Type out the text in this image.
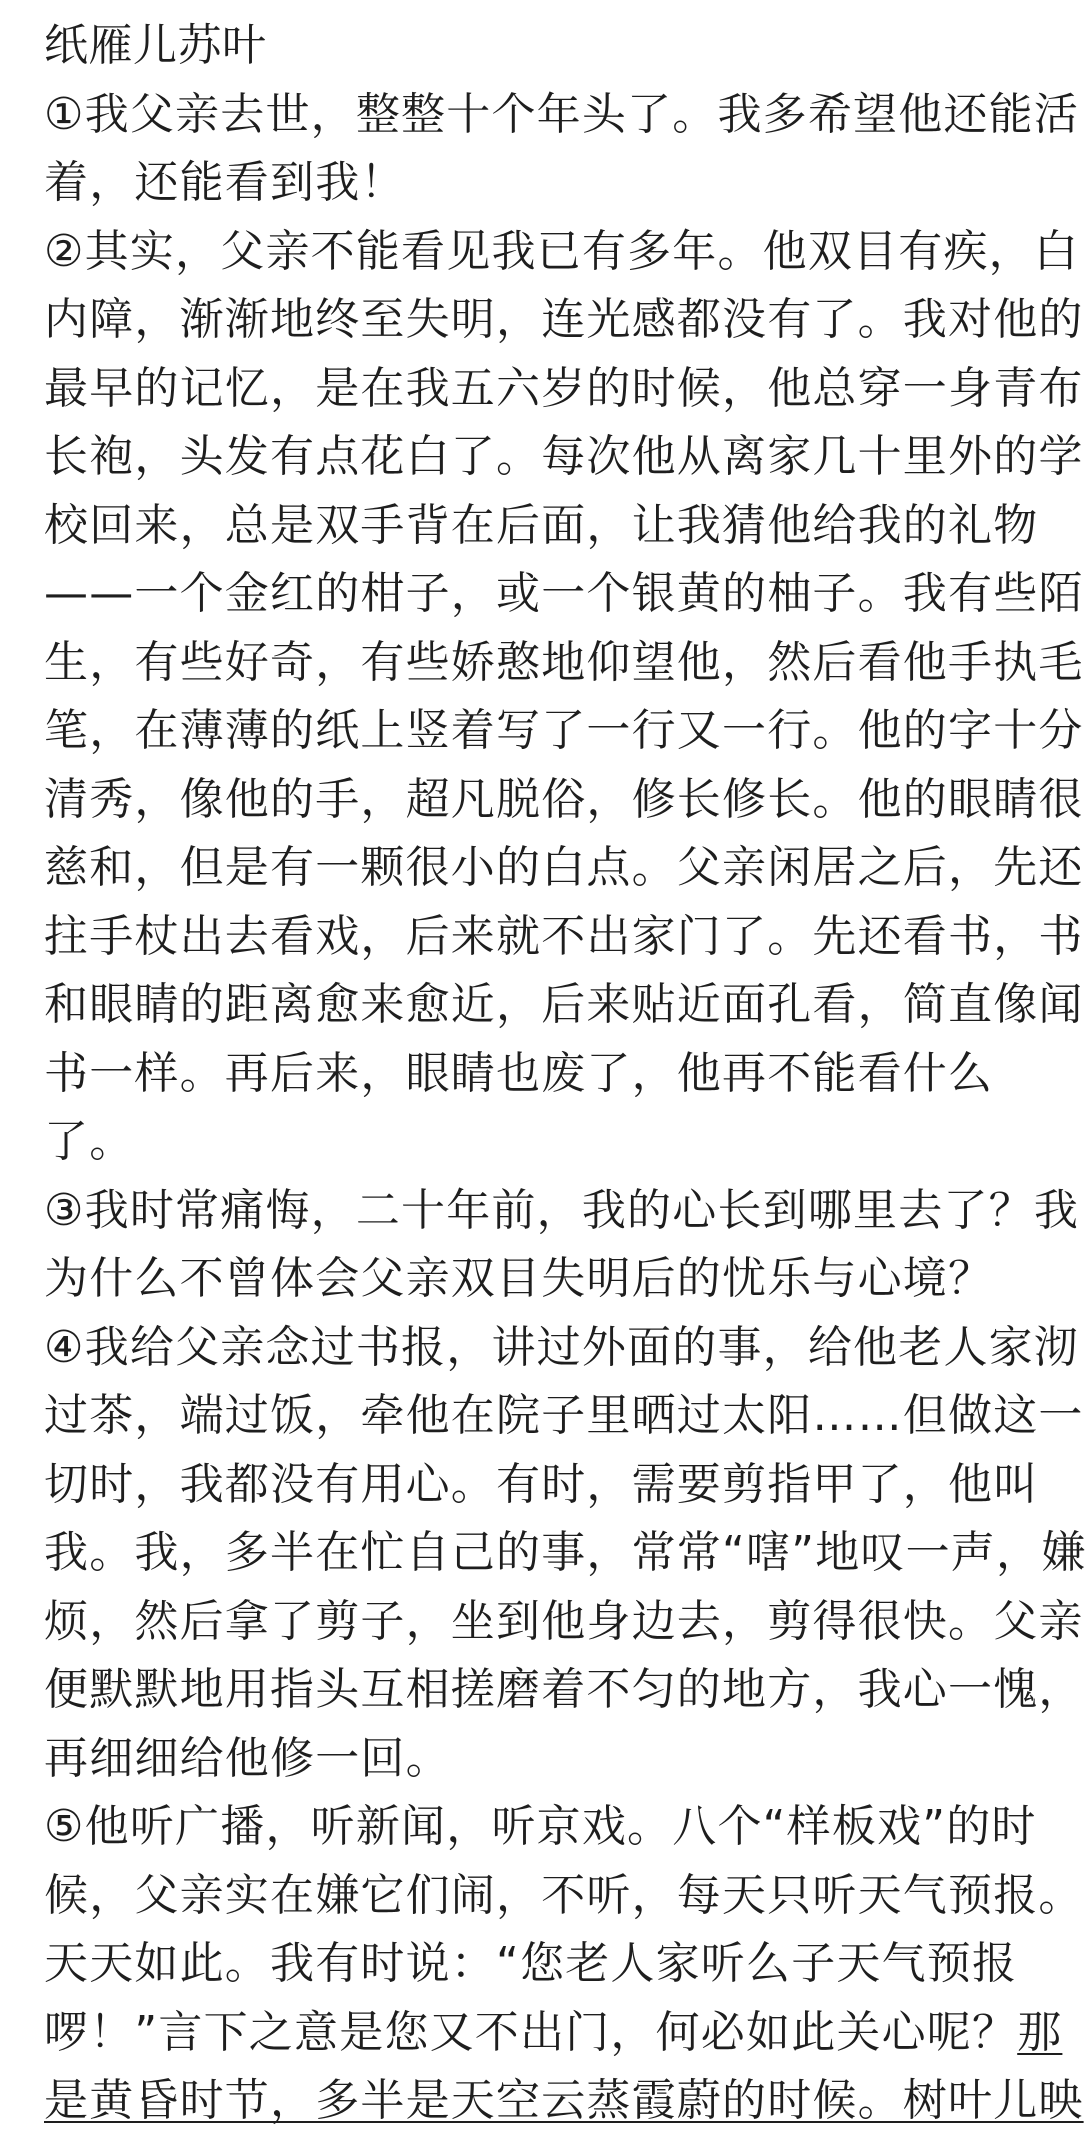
纸雁儿苏叶
①我父亲去世，整整十个年头了。我多希望他还能活
着，还能看到我！
②其实，父亲不能看见我已有多年。他双目有疾，白
内障，渐渐地终至失明，连光感都没有了。我对他的
最早的记忆，是在我五六岁的时候，他总穿一身青布
长袍，头发有点花白了。每次他从离家几十里外的学
校回来，总是双手背在后面，让我猜他给我的礼物
——一个金红的柑子，或一个银黄的柚子。我有些陌
生，有些好奇，有些娇憨地仰望他，然后看他手执毛
笔，在薄薄的纸上竖着写了一行又一行。他的字十分
清秀，像他的手，超凡脱俗，修长修长。他的眼睛很
慈和，但是有一颗很小的白点。父亲闲居之后，先还
拄手杖出去看戏，后来就不出家门了。先还看书，书
和眼睛的距离愈来愈近，后来贴近面孔看，简直像闻
书一样。再后来，眼睛也废了，他再不能看什么
了。
③我时常痛悔，二十年前，我的心长到哪里去了？我
为什么不曾体会父亲双目失明后的忧乐与心境？
④我给父亲念过书报，讲过外面的事，给他老人家沏
过茶，端过饭，牵他在院子里晒过太阳……但做这一
切时，我都没有用心。有时，需要剪指甲了，他叫
我。我，多半在忙自己的事，常常“嗐”地叹一声，嫌
烦，然后拿了剪子，坐到他身边去，剪得很快。父亲
便默默地用指头互相搓磨着不匀的地方，我心一愧，
再细细给他修一回。
⑤他听广播，听新闻，听京戏。八个“样板戏”的时
候，父亲实在嫌它们闹，不听，每天只听天气预报。
天天如此。我有时说：“您老人家听么子天气预报
啰！”言下之意是您又不出门，何必如此关心呢？那
是黄昏时节，多半是天空云蒸霞蔚的时候。树叶儿映
